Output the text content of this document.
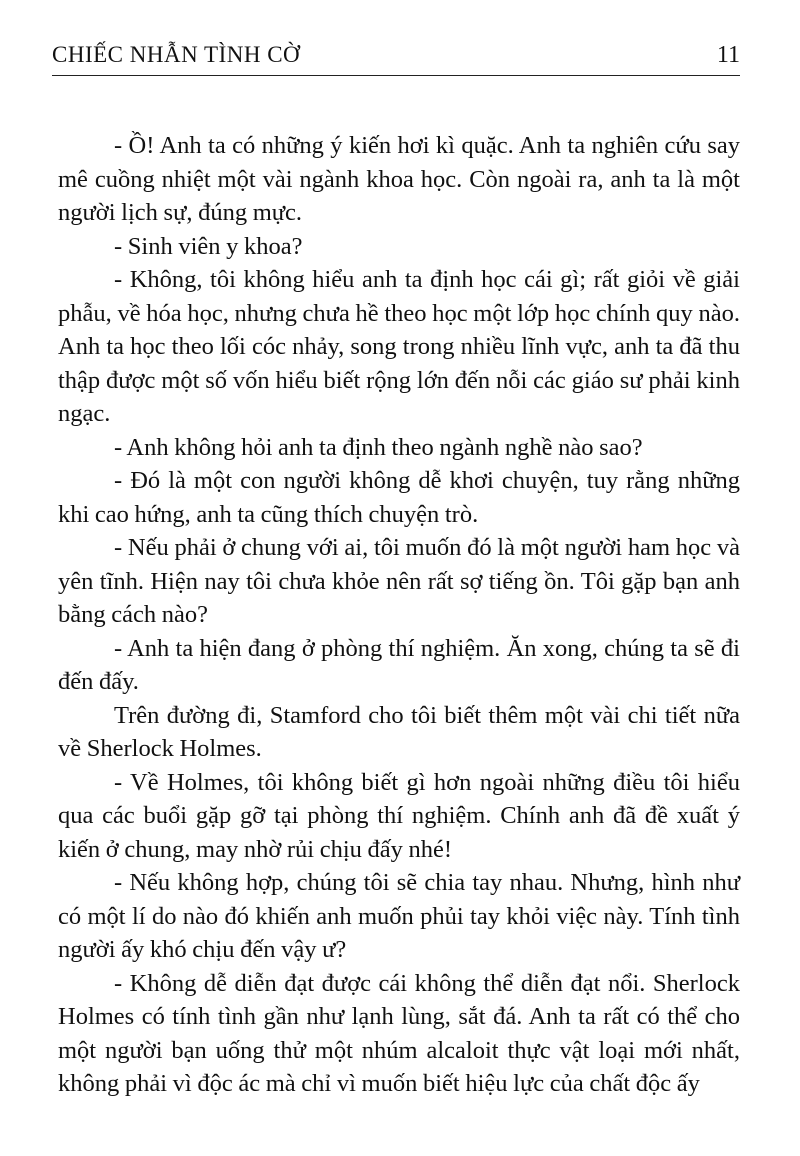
CHIẾC NHẪN TÌNH CỜ	11

- Ồ! Anh ta có những ý kiến hơi kì quặc. Anh ta nghiên cứu say mê cuồng nhiệt một vài ngành khoa học. Còn ngoài ra, anh ta là một người lịch sự, đúng mực.

- Sinh viên y khoa?

- Không, tôi không hiểu anh ta định học cái gì; rất giỏi về giải phẫu, về hóa học, nhưng chưa hề theo học một lớp học chính quy nào. Anh ta học theo lối cóc nhảy, song trong nhiều lĩnh vực, anh ta đã thu thập được một số vốn hiểu biết rộng lớn đến nỗi các giáo sư phải kinh ngạc.

- Anh không hỏi anh ta định theo ngành nghề nào sao?

- Đó là một con người không dễ khơi chuyện, tuy rằng những khi cao hứng, anh ta cũng thích chuyện trò.

- Nếu phải ở chung với ai, tôi muốn đó là một người ham học và yên tĩnh. Hiện nay tôi chưa khỏe nên rất sợ tiếng ồn. Tôi gặp bạn anh bằng cách nào?

- Anh ta hiện đang ở phòng thí nghiệm. Ăn xong, chúng ta sẽ đi đến đấy.

Trên đường đi, Stamford cho tôi biết thêm một vài chi tiết nữa về Sherlock Holmes.

- Về Holmes, tôi không biết gì hơn ngoài những điều tôi hiểu qua các buổi gặp gỡ tại phòng thí nghiệm. Chính anh đã đề xuất ý kiến ở chung, may nhờ rủi chịu đấy nhé!

- Nếu không hợp, chúng tôi sẽ chia tay nhau. Nhưng, hình như có một lí do nào đó khiến anh muốn phủi tay khỏi việc này. Tính tình người ấy khó chịu đến vậy ư?

- Không dễ diễn đạt được cái không thể diễn đạt nổi. Sherlock Holmes có tính tình gần như lạnh lùng, sắt đá. Anh ta rất có thể cho một người bạn uống thử một nhúm alcaloit thực vật loại mới nhất, không phải vì độc ác mà chỉ vì muốn biết hiệu lực của chất độc ấy
